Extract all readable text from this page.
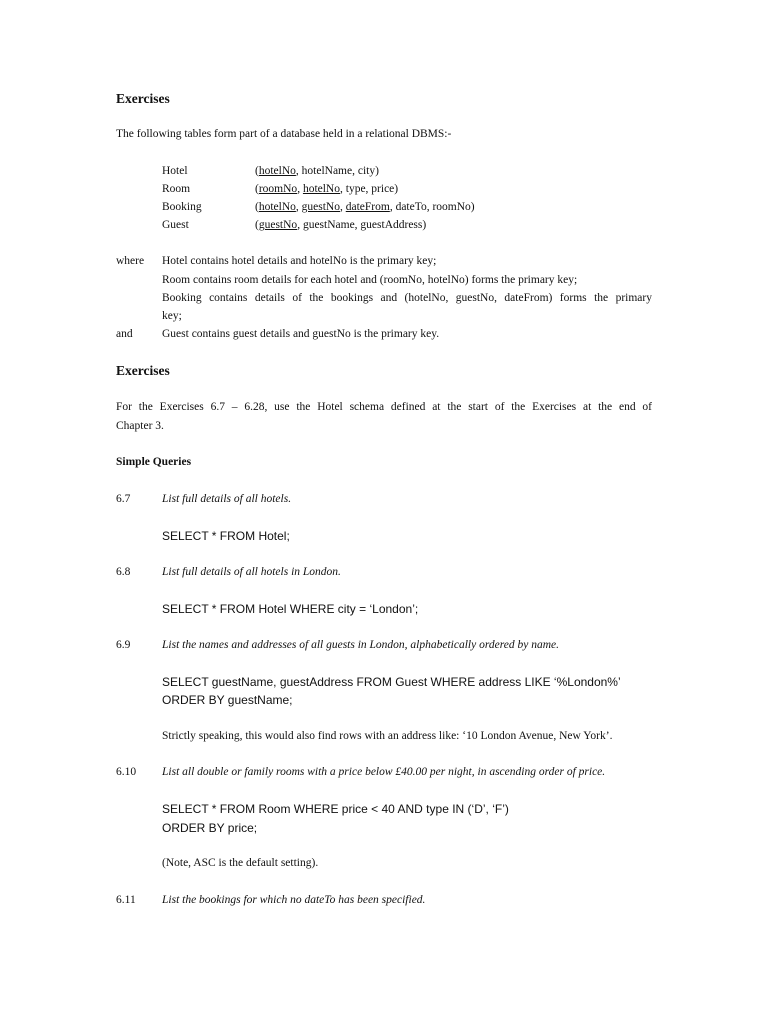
Exercises
The following tables form part of a database held in a relational DBMS:-
Hotel	(hotelNo, hotelName, city)
Room	(roomNo, hotelNo, type, price)
Booking	(hotelNo, guestNo, dateFrom, dateTo, roomNo)
Guest	(guestNo, guestName, guestAddress)
where Hotel contains hotel details and hotelNo is the primary key;
Room contains room details for each hotel and (roomNo, hotelNo) forms the primary key;
Booking contains details of the bookings and (hotelNo, guestNo, dateFrom) forms the primary
key;
and	Guest contains guest details and guestNo is the primary key.
Exercises
For the Exercises 6.7 – 6.28, use the Hotel schema defined at the start of the Exercises at the end of
Chapter 3.
Simple Queries
6.7	List full details of all hotels.
SELECT * FROM Hotel;
6.8	List full details of all hotels in London.
SELECT * FROM Hotel WHERE city = ‘London’;
6.9	List the names and addresses of all guests in London, alphabetically ordered by name.
SELECT guestName, guestAddress FROM Guest WHERE address LIKE ‘%London%’
ORDER BY guestName;
Strictly speaking, this would also find rows with an address like: ‘10 London Avenue, New York’.
6.10 List all double or family rooms with a price below £40.00 per night, in ascending order of price.
SELECT * FROM Room WHERE price < 40 AND type IN (‘D’, ‘F’)
ORDER BY price;
(Note, ASC is the default setting).
6.11 List the bookings for which no dateTo has been specified.
